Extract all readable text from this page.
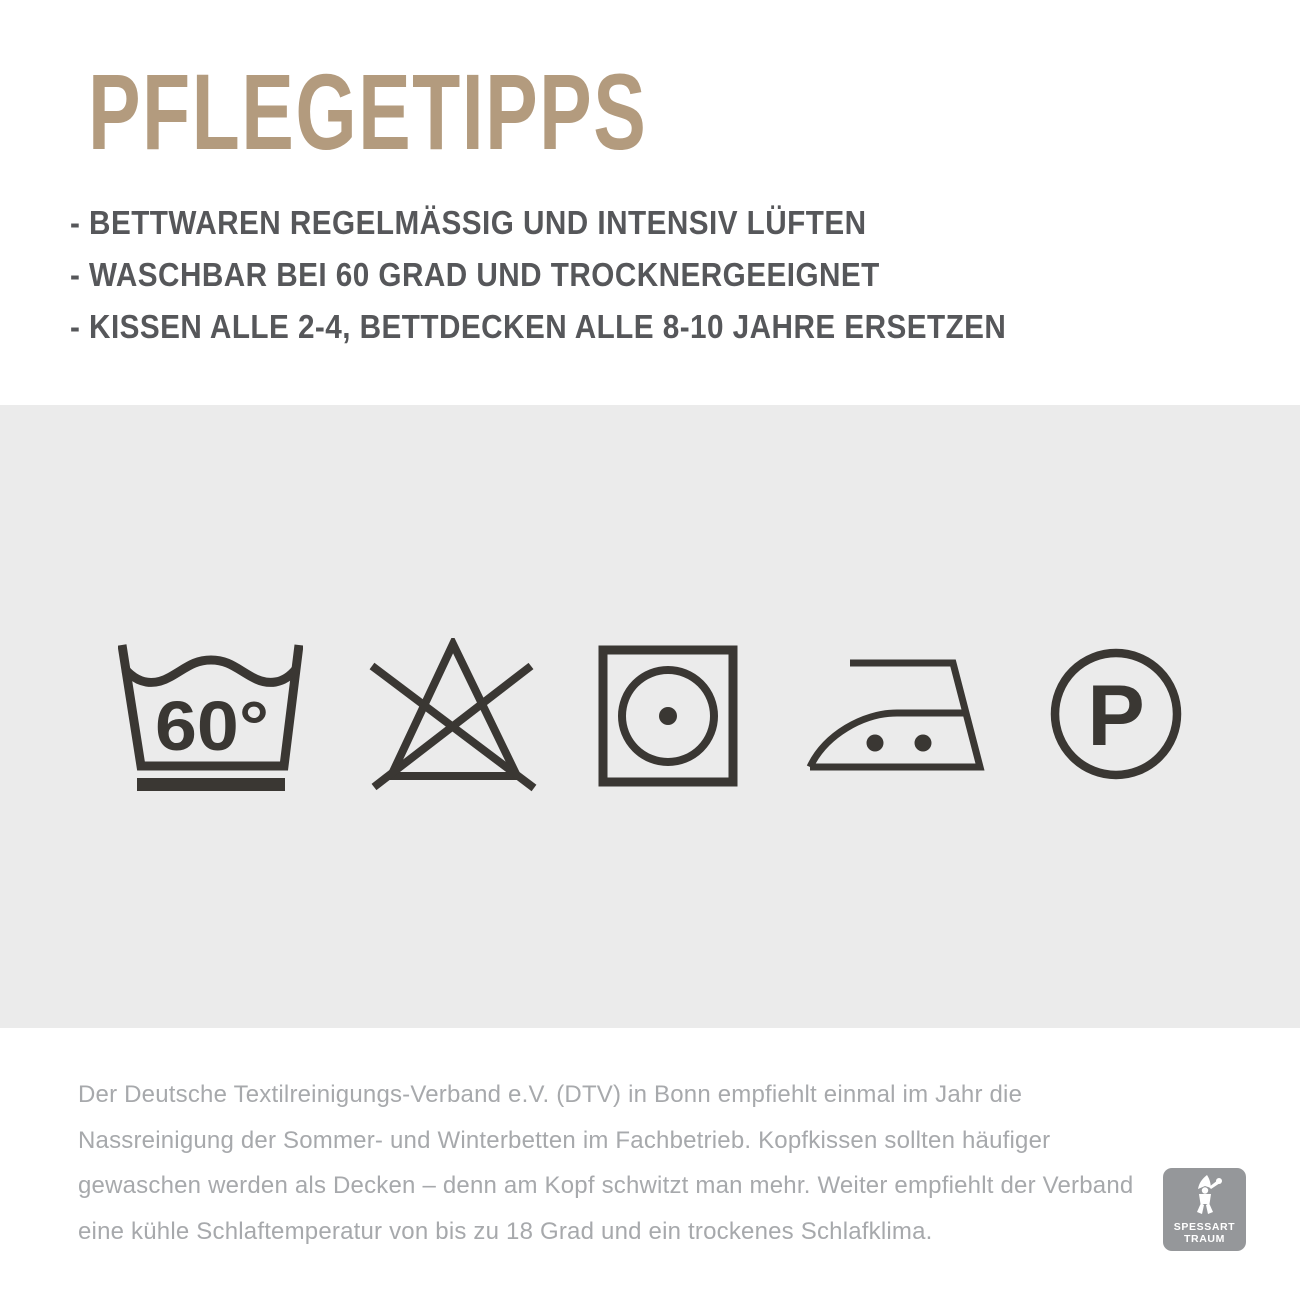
PFLEGETIPPS
- BETTWAREN REGELMÄSSIG UND INTENSIV LÜFTEN
- WASCHBAR BEI 60 GRAD UND TROCKNERGEEIGNET
- KISSEN ALLE 2-4, BETTDECKEN ALLE 8-10 JAHRE ERSETZEN
60°	P
Der Deutsche Textilreinigungs-Verband e.V. (DTV) in Bonn empfiehlt einmal im Jahr die
Nassreinigung der Sommer- und Winterbetten im Fachbetrieb. Kopfkissen sollten häufiger
gewaschen werden als Decken – denn am Kopf schwitzt man mehr. Weiter empfiehlt der Verband
eine kühle Schlaftemperatur von bis zu 18 Grad und ein trockenes Schlafklima.	SPESSART
TRAUM
